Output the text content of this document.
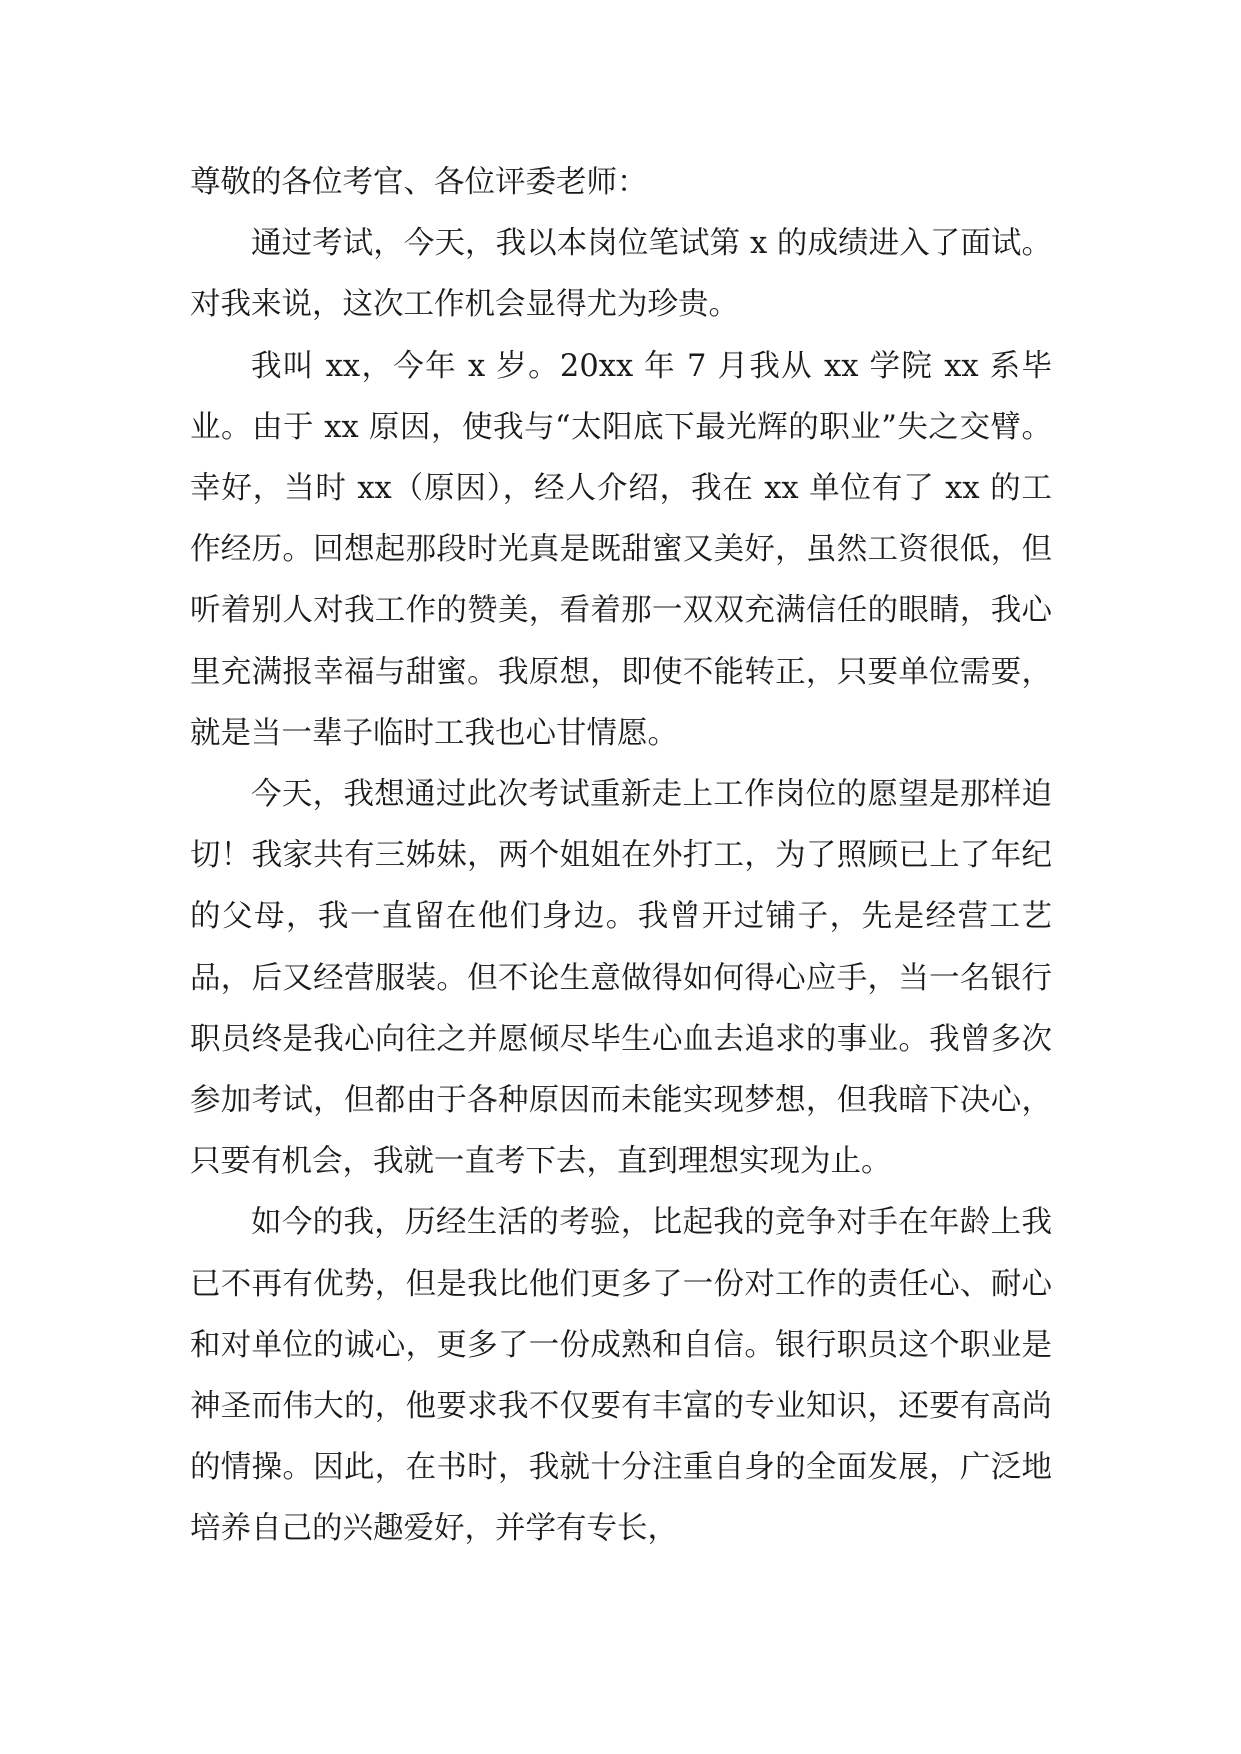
尊敬的各位考官、各位评委老师：

通过考试，今天，我以本岗位笔试第 x 的成绩进入了面试。对我来说，这次工作机会显得尤为珍贵。

我叫 xx，今年 x 岁。20xx 年 7 月我从 xx 学院 xx 系毕业。由于 xx 原因，使我与“太阳底下最光辉的职业”失之交臂。幸好，当时 xx（原因），经人介绍，我在 xx 单位有了 xx 的工作经历。回想起那段时光真是既甜蜜又美好，虽然工资很低，但听着别人对我工作的赞美，看着那一双双充满信任的眼睛，我心里充满报幸福与甜蜜。我原想，即使不能转正，只要单位需要，就是当一辈子临时工我也心甘情愿。

今天，我想通过此次考试重新走上工作岗位的愿望是那样迫切！我家共有三姊妹，两个姐姐在外打工，为了照顾已上了年纪的父母，我一直留在他们身边。我曾开过铺子，先是经营工艺品，后又经营服装。但不论生意做得如何得心应手，当一名银行职员终是我心向往之并愿倾尽毕生心血去追求的事业。我曾多次参加考试，但都由于各种原因而未能实现梦想，但我暗下决心，只要有机会，我就一直考下去，直到理想实现为止。

如今的我，历经生活的考验，比起我的竞争对手在年龄上我已不再有优势，但是我比他们更多了一份对工作的责任心、耐心和对单位的诚心，更多了一份成熟和自信。银行职员这个职业是神圣而伟大的，他要求我不仅要有丰富的专业知识，还要有高尚的情操。因此，在书时，我就十分注重自身的全面发展，广泛地培养自己的兴趣爱好，并学有专长，
